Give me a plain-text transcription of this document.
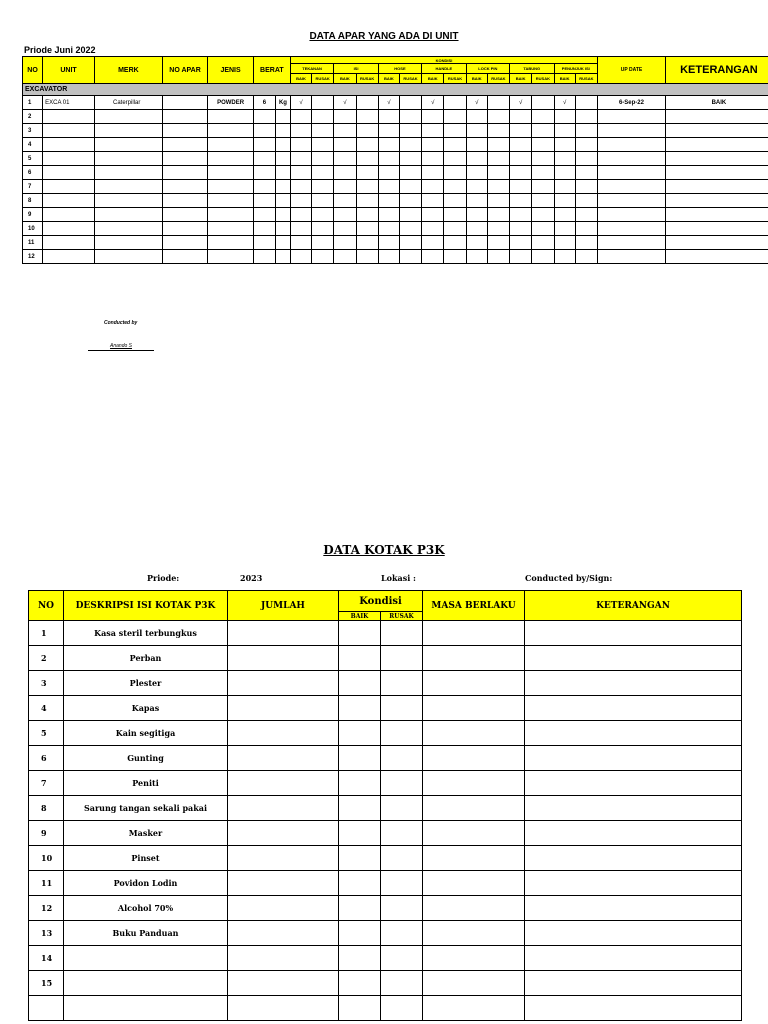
DATA APAR YANG ADA DI UNIT
Priode Juni 2022
NO	UNIT	MERK	NO APAR	JENIS	BERAT		KONDISI														UP DATE	KETERANGAN
							TEKANAN		ISI		HOSE		HANDLE		LOCK PIN		TABUNG		PENUNJUK ISI			
							BAIK	RUSAK	BAIK	RUSAK	BAIK	RUSAK	BAIK	RUSAK	BAIK	RUSAK	BAIK	RUSAK	BAIK	RUSAK		
EXCAVATOR																						
1	EXCA 01	Caterpillar		POWDER	6	Kg	√		√		√		√		√		√		√		6-Sep-22	BAIK
2																						
3																						
4																						
5																						
6																						
7																						
8																						
9																						
10																						
11																						
12																						
Conducted by
Anando S
DATA KOTAK P3K
Priode:	2023	Lokasi :	Conducted by/Sign:
NO	DESKRIPSI ISI KOTAK P3K	JUMLAH	Kondisi		MASA BERLAKU	KETERANGAN
			BAIK	RUSAK		
1	Kasa steril terbungkus					
2	Perban					
3	Plester					
4	Kapas					
5	Kain segitiga					
6	Gunting					
7	Peniti					
8	Sarung tangan sekali pakai					
9	Masker					
10	Pinset					
11	Povidon Lodin					
12	Alcohol 70%					
13	Buku Panduan					
14						
15						
